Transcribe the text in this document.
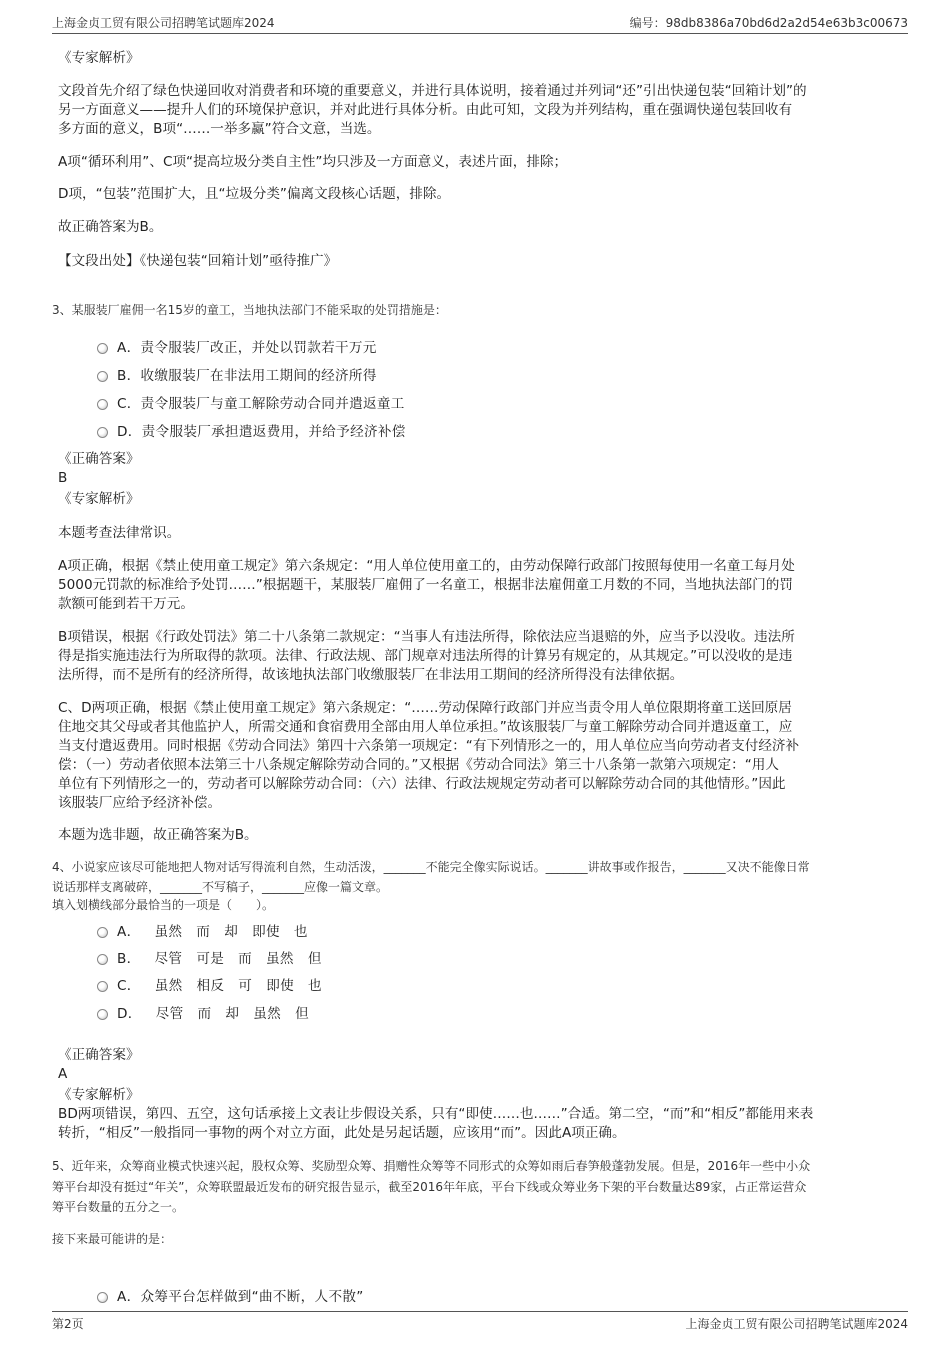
上海金贞工贸有限公司招聘笔试题库2024	编号：98db8386a70bd6d2a2d54e63b3c00673
《专家解析》
文段首先介绍了绿色快递回收对消费者和环境的重要意义，并进行具体说明，接着通过并列词“还”引出快递包装“回箱计划”的
另一方面意义——提升人们的环境保护意识，并对此进行具体分析。由此可知，文段为并列结构，重在强调快递包装回收有
多方面的意义，B项“……一举多赢”符合文意，当选。
A项“循环利用”、C项“提高垃圾分类自主性”均只涉及一方面意义，表述片面，排除；
D项，“包装”范围扩大，且“垃圾分类”偏离文段核心话题，排除。
故正确答案为B。
【文段出处】《快递包装“回箱计划”亟待推广》
3、某服装厂雇佣一名15岁的童工，当地执法部门不能采取的处罚措施是：
A．责令服装厂改正，并处以罚款若干万元
B．收缴服装厂在非法用工期间的经济所得
C．责令服装厂与童工解除劳动合同并遣返童工
D．责令服装厂承担遣返费用，并给予经济补偿
《正确答案》
B
《专家解析》
本题考查法律常识。
A项正确，根据《禁止使用童工规定》第六条规定：“用人单位使用童工的，由劳动保障行政部门按照每使用一名童工每月处
5000元罚款的标准给予处罚……”根据题干，某服装厂雇佣了一名童工，根据非法雇佣童工月数的不同，当地执法部门的罚
款额可能到若干万元。
B项错误，根据《行政处罚法》第二十八条第二款规定：“当事人有违法所得，除依法应当退赔的外，应当予以没收。违法所
得是指实施违法行为所取得的款项。法律、行政法规、部门规章对违法所得的计算另有规定的，从其规定。”可以没收的是违
法所得，而不是所有的经济所得，故该地执法部门收缴服装厂在非法用工期间的经济所得没有法律依据。
C、D两项正确，根据《禁止使用童工规定》第六条规定：“……劳动保障行政部门并应当责令用人单位限期将童工送回原居
住地交其父母或者其他监护人，所需交通和食宿费用全部由用人单位承担。”故该服装厂与童工解除劳动合同并遣返童工，应
当支付遣返费用。同时根据《劳动合同法》第四十六条第一项规定：“有下列情形之一的，用人单位应当向劳动者支付经济补
偿：（一）劳动者依照本法第三十八条规定解除劳动合同的。”又根据《劳动合同法》第三十八条第一款第六项规定：“用人
单位有下列情形之一的，劳动者可以解除劳动合同：（六）法律、行政法规规定劳动者可以解除劳动合同的其他情形。”因此
该服装厂应给予经济补偿。
本题为选非题，故正确答案为B。
4、小说家应该尽可能地把人物对话写得流利自然，生动活泼，_______不能完全像实际说话。_______讲故事或作报告，_______又决不能像日常
说话那样支离破碎，_______不写稿子，_______应像一篇文章。
填入划横线部分最恰当的一项是（　　）。
A． 虽然 而 却 即使 也
B． 尽管 可是 而 虽然 但
C． 虽然 相反 可 即使 也
D． 尽管 而 却 虽然 但
《正确答案》
A
《专家解析》
BD两项错误，第四、五空，这句话承接上文表让步假设关系，只有“即使……也……”合适。第二空，“而”和“相反”都能用来表
转折，“相反”一般指同一事物的两个对立方面，此处是另起话题，应该用“而”。因此A项正确。
5、近年来，众筹商业模式快速兴起，股权众筹、奖励型众筹、捐赠性众筹等不同形式的众筹如雨后春笋般蓬勃发展。但是，2016年一些中小众
筹平台却没有挺过“年关”，众筹联盟最近发布的研究报告显示，截至2016年年底，平台下线或众筹业务下架的平台数量达89家，占正常运营众
筹平台数量的五分之一。
接下来最可能讲的是：
A．众筹平台怎样做到“曲不断，人不散”
第2页	上海金贞工贸有限公司招聘笔试题库2024
